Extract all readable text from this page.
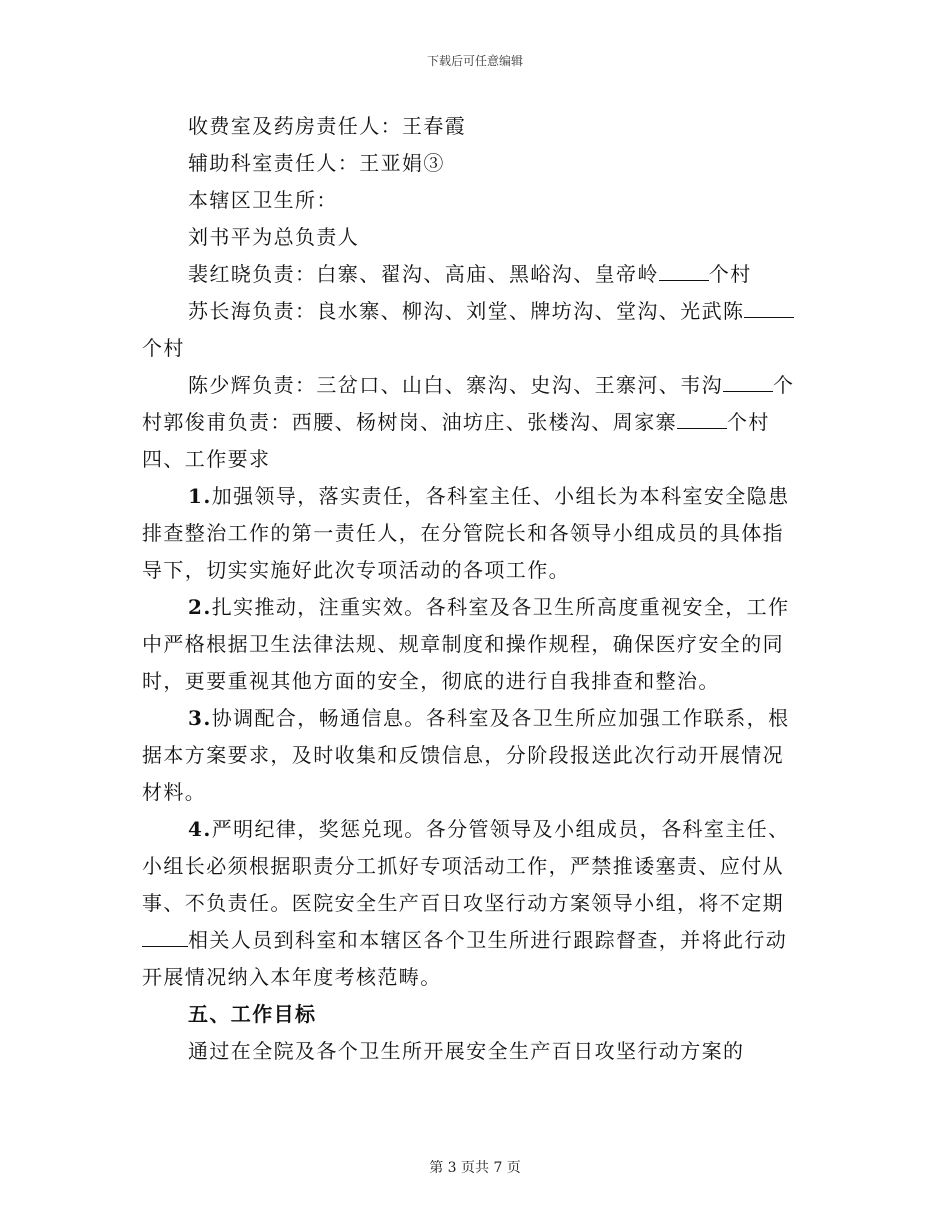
下载后可任意编辑

收费室及药房责任人：王春霞

辅助科室责任人：王亚娟③

本辖区卫生所：

刘书平为总负责人

裴红晓负责：白寨、翟沟、高庙、黑峪沟、皇帝岭	个村

苏长海负责：良水寨、柳沟、刘堂、牌坊沟、堂沟、光武陈个村

陈少辉负责：三岔口、山白、寨沟、史沟、王寨河、韦沟	个村郭俊甫负责：西腰、杨树岗、油坊庄、张楼沟、周家寨	个村四、工作要求

1.加强领导，落实责任，各科室主任、小组长为本科室安全隐患排查整治工作的第一责任人，在分管院长和各领导小组成员的具体指导下，切实实施好此次专项活动的各项工作。

2.扎实推动，注重实效。各科室及各卫生所高度重视安全，工作中严格根据卫生法律法规、规章制度和操作规程，确保医疗安全的同时，更要重视其他方面的安全，彻底的进行自我排查和整治。

3.协调配合，畅通信息。各科室及各卫生所应加强工作联系，根据本方案要求，及时收集和反馈信息，分阶段报送此次行动开展情况材料。

4.严明纪律，奖惩兑现。各分管领导及小组成员，各科室主任、小组长必须根据职责分工抓好专项活动工作，严禁推诿塞责、应付从事、不负责任。医院安全生产百日攻坚行动方案领导小组，将不定期相关人员到科室和本辖区各个卫生所进行跟踪督查，并将此行动开展情况纳入本年度考核范畴。

五、工作目标

通过在全院及各个卫生所开展安全生产百日攻坚行动方案的

第 3 页共 7 页
